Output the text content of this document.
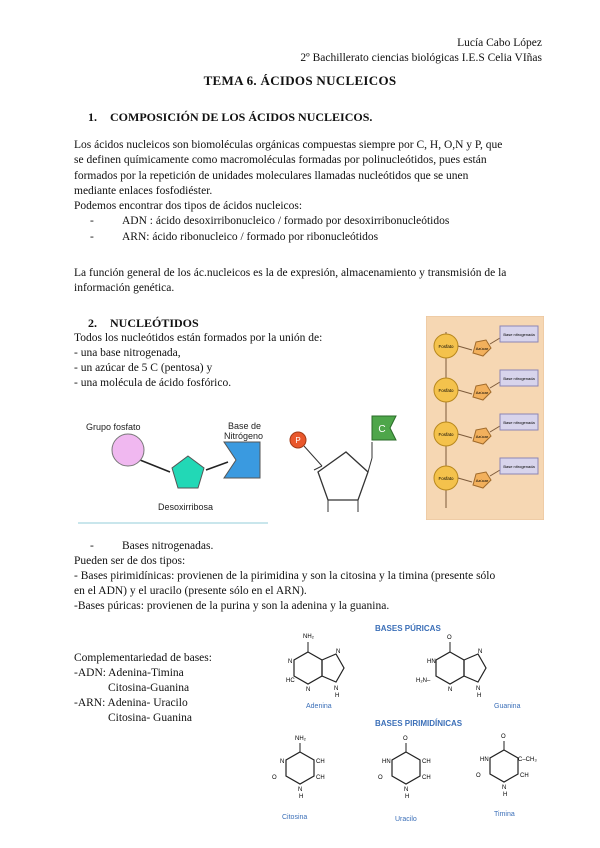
Lucía Cabo López
2º Bachillerato ciencias biológicas I.E.S Celia VIñas
TEMA 6. ÁCIDOS NUCLEICOS
1. COMPOSICIÓN DE LOS ÁCIDOS NUCLEICOS.
Los ácidos nucleicos son biomoléculas orgánicas compuestas siempre por C, H, O,N y P, que
se definen químicamente como macromoléculas formadas por polinucleótidos, pues están
formados por la repetición de unidades moleculares llamadas nucleótidos que se unen
mediante enlaces fosfodiéster.
Podemos encontrar dos tipos de ácidos nucleicos:
- ADN : ácido desoxirribonucleico / formado por desoxirribonucleótidos
- ARN: ácido ribonucleico / formado por ribonucleótidos
La función general de los ác.nucleicos es la de expresión, almacenamiento y transmisión de la
información genética.
2. NUCLEÓTIDOS
Todos los nucleótidos están formados por la unión de:
- una base nitrogenada,
- un azúcar de 5 C (pentosa) y
- una molécula de ácido fosfórico.
Fosfato	Azúcar
Base nitrogenada
Fosfato	Azúcar
Base nitrogenada
Fosfato	Azúcar
Base nitrogenada
Fosfato	Azúcar
Base nitrogenada
Grupo fosfato	Base de
Nitrógeno
Desoxirribosa
P
C
- Bases nitrogenadas.
Pueden ser de dos tipos:
- Bases pirimidínicas: provienen de la pirimidina y son la citosina y la timina (presente sólo
en el ADN) y el uracilo (presente sólo en el ARN).
-Bases púricas: provienen de la purina y son la adenina y la guanina.
Complementariedad de bases:
-ADN: Adenina-Timina
Citosina-Guanina
-ARN: Adenina- Uracilo
Citosina- Guanina
BASES PÚRICAS
NH₂
N
HC
N
N
N
H
Adenina
O
HN
H₂N–
N
N
N
H
Guanina
BASES PIRIMIDÍNICAS
NH₂
N	CH
CH
O
N
H
Citosina
O
HN	CH
CH
O
N
H
Uracilo
O
HN	C–CH₃
CH
O
N
H
Timina
